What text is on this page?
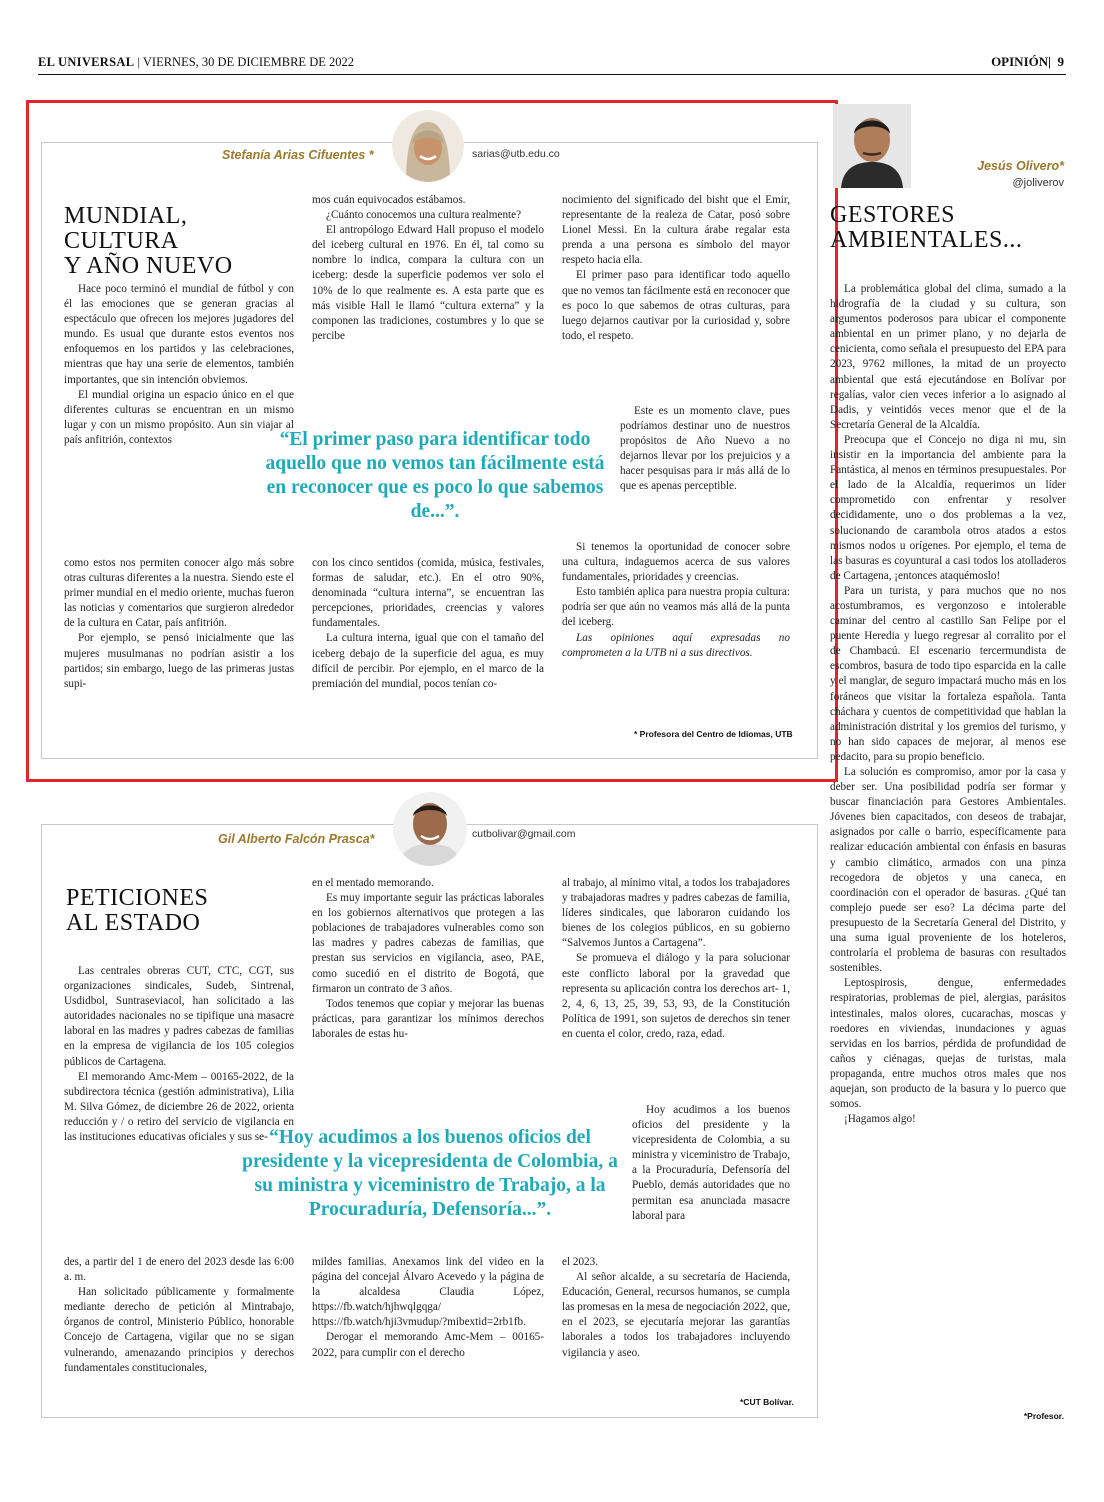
EL UNIVERSAL | VIERNES, 30 DE DICIEMBRE DE 2022	OPINIÓN|  9
Stefanía Arias Cifuentes *	sarias@utb.edu.co
MUNDIAL, CULTURA
Y AÑO NUEVO

Hace poco terminó el mundial de fútbol y con él las emociones que se generan gracias al espectáculo que ofrecen los mejores jugadores del mundo. Es usual que durante estos eventos nos enfoquemos en los partidos y las celebraciones, mientras que hay una serie de elementos, también importantes, que sin intención obviemos.

El mundial origina un espacio único en el que diferentes culturas se encuentran en un mismo lugar y con un mismo propósito. Aun sin viajar al país anfitrión, contextos

como estos nos permiten conocer algo más sobre otras culturas diferentes a la nuestra. Siendo este el primer mundial en el medio oriente, muchas fueron las noticias y comentarios que surgieron alrededor de la cultura en Catar, país anfitrión.

Por ejemplo, se pensó inicialmente que las mujeres musulmanas no podrían asistir a los partidos; sin embargo, luego de las primeras justas supi-

mos cuán equivocados estábamos.

¿Cuánto conocemos una cultura realmente?

El antropólogo Edward Hall propuso el modelo del iceberg cultural en 1976. En él, tal como su nombre lo indica, compara la cultura con un iceberg: desde la superficie podemos ver solo el 10% de lo que realmente es. A esta parte que es más visible Hall le llamó “cultura externa” y la componen las tradiciones, costumbres y lo que se percibe

con los cinco sentidos (comida, música, festivales, formas de saludar, etc.). En el otro 90%, denominada “cultura interna”, se encuentran las percepciones, prioridades, creencias y valores fundamentales.

La cultura interna, igual que con el tamaño del iceberg debajo de la superficie del agua, es muy difícil de percibir. Por ejemplo, en el marco de la premiación del mundial, pocos tenían co-

nocimiento del significado del bisht que el Emir, representante de la realeza de Catar, posó sobre Lionel Messi. En la cultura árabe regalar esta prenda a una persona es símbolo del mayor respeto hacia ella.

El primer paso para identificar todo aquello que no vemos tan fácilmente está en reconocer que es poco lo que sabemos de otras culturas, para luego dejarnos cautivar por la curiosidad y, sobre todo, el respeto.

Este es un momento clave, pues podríamos destinar uno de nuestros propósitos de Año Nuevo a no dejarnos llevar por los prejuicios y a hacer pesquisas para ir más allá de lo que es apenas perceptible.

Si tenemos la oportunidad de conocer sobre una cultura, indaguemos acerca de sus valores fundamentales, prioridades y creencias.

Esto también aplica para nuestra propia cultura: podría ser que aún no veamos más allá de la punta del iceberg.

Las opiniones aquí expresadas no comprometen a la UTB ni a sus directivos.

“El primer paso para identificar todo aquello que no vemos tan fácilmente está en reconocer que es poco lo que sabemos de...”.
* Profesora del Centro de Idiomas, UTB
Jesús Olivero*
@joliverov
GESTORES
AMBIENTALES...

La problemática global del clima, sumado a la hidrografía de la ciudad y su cultura, son argumentos poderosos para ubicar el componente ambiental en un primer plano, y no dejarla de cenicienta, como señala el presupuesto del EPA para 2023, 9762 millones, la mitad de un proyecto ambiental que está ejecutándose en Bolívar por regalías, valor cien veces inferior a lo asignado al Dadis, y veintidós veces menor que el de la Secretaría General de la Alcaldía.

Preocupa que el Concejo no diga ni mu, sin insistir en la importancia del ambiente para la Fantástica, al menos en términos presupuestales. Por el lado de la Alcaldía, requerimos un líder comprometido con enfrentar y resolver decididamente, uno o dos problemas a la vez, solucionando de carambola otros atados a estos mismos nodos u orígenes. Por ejemplo, el tema de las basuras es coyuntural a casi todos los atolladeros de Cartagena, ¡entonces ataquémoslo!

Para un turista, y para muchos que no nos acostumbramos, es vergonzoso e intolerable caminar del centro al castillo San Felipe por el puente Heredia y luego regresar al corralito por el de Chambacú. El escenario tercermundista de escombros, basura de todo tipo esparcida en la calle y el manglar, de seguro impactará mucho más en los foráneos que visitar la fortaleza española. Tanta cháchara y cuentos de competitividad que hablan la administración distrital y los gremios del turismo, y no han sido capaces de mejorar, al menos ese pedacito, para su propio beneficio.

La solución es compromiso, amor por la casa y deber ser. Una posibilidad podría ser formar y buscar financiación para Gestores Ambientales. Jóvenes bien capacitados, con deseos de trabajar, asignados por calle o barrio, específicamente para realizar educación ambiental con énfasis en basuras y cambio climático, armados con una pinza recogedora de objetos y una caneca, en coordinación con el operador de basuras. ¿Qué tan complejo puede ser eso? La décima parte del presupuesto de la Secretaría General del Distrito, y una suma igual proveniente de los hoteleros, controlaría el problema de basuras con resultados sostenibles.

Leptospirosis, dengue, enfermedades respiratorias, problemas de piel, alergias, parásitos intestinales, malos olores, cucarachas, moscas y roedores en viviendas, inundaciones y aguas servidas en los barrios, pérdida de profundidad de caños y ciénagas, quejas de turistas, mala propaganda, entre muchos otros males que nos aquejan, son producto de la basura y lo puerco que somos.

¡Hagamos algo!

*Profesor.
Gil Alberto Falcón Prasca*	cutbolivar@gmail.com
PETICIONES
AL ESTADO

Las centrales obreras CUT, CTC, CGT, sus organizaciones sindicales, Sudeb, Sintrenal, Usdidbol, Suntraseviacol, han solicitado a las autoridades nacionales no se tipifique una masacre laboral en las madres y padres cabezas de familias en la empresa de vigilancia de los 105 colegios públicos de Cartagena.

El memorando Amc-Mem – 00165-2022, de la subdirectora técnica (gestión administrativa), Lilia M. Silva Gómez, de diciembre 26 de 2022, orienta reducción y / o retiro del servicio de vigilancia en las instituciones educativas oficiales y sus se-

des, a partir del 1 de enero del 2023 desde las 6:00 a. m.

Han solicitado públicamente y formalmente mediante derecho de petición al Mintrabajo, órganos de control, Ministerio Público, honorable Concejo de Cartagena, vigilar que no se sigan vulnerando, amenazando principios y derechos fundamentales constitucionales,

en el mentado memorando.

Es muy importante seguir las prácticas laborales en los gobiernos alternativos que protegen a las poblaciones de trabajadores vulnerables como son las madres y padres cabezas de familias, que prestan sus servicios en vigilancia, aseo, PAE, como sucedió en el distrito de Bogotá, que firmaron un contrato de 3 años.

Todos tenemos que copiar y mejorar las buenas prácticas, para garantizar los mínimos derechos laborales de estas hu-

mildes familias. Anexamos link del video en la página del concejal Álvaro Acevedo y la página de la alcaldesa Claudia López, https://fb.watch/hjhwqlgqga/ https://fb.watch/hji3vmudup/?mibextid=2rb1fb.

Derogar el memorando Amc-Mem – 00165-2022, para cumplir con el derecho

al trabajo, al mínimo vital, a todos los trabajadores y trabajadoras madres y padres cabezas de familia, líderes sindicales, que laboraron cuidando los bienes de los colegios públicos, en su gobierno “Salvemos Juntos a Cartagena”.

Se promueva el diálogo y la para solucionar este conflicto laboral por la gravedad que representa su aplicación contra los derechos art- 1, 2, 4, 6, 13, 25, 39, 53, 93, de la Constitución Política de 1991, son sujetos de derechos sin tener en cuenta el color, credo, raza, edad.

Hoy acudimos a los buenos oficios del presidente y la vicepresidenta de Colombia, a su ministra y viceministro de Trabajo, a la Procuraduría, Defensoría del Pueblo, demás autoridades que no permitan esa anunciada masacre laboral para

el 2023.

Al señor alcalde, a su secretaría de Hacienda, Educación, General, recursos humanos, se cumpla las promesas en la mesa de negociación 2022, que, en el 2023, se ejecutaría mejorar las garantías laborales a todos los trabajadores incluyendo vigilancia y aseo.

“Hoy acudimos a los buenos oficios del presidente y la vicepresidenta de Colombia, a su ministra y viceministro de Trabajo, a la Procuraduría, Defensoría...”.
*CUT Bolívar.
